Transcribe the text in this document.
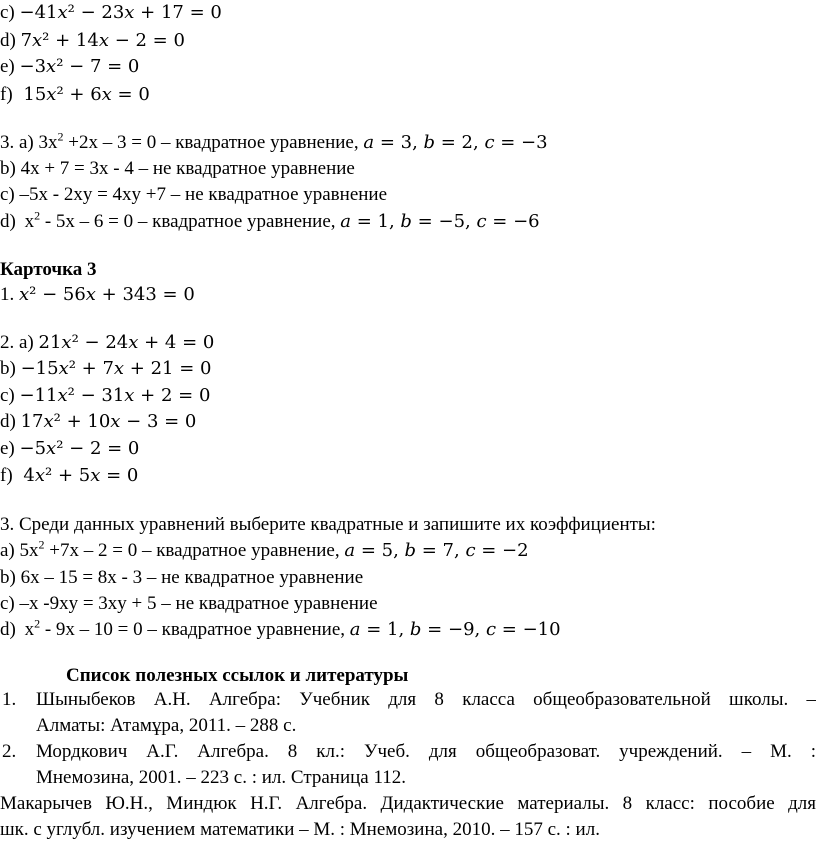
c) −41𝑥² − 23𝑥 + 17 = 0
d) 7𝑥² + 14𝑥 − 2 = 0
e) −3𝑥² − 7 = 0
f) 15𝑥² + 6𝑥 = 0
3. а) $3x^2 +2x - 3 = 0$ – квадратное уравнение, 𝑎 = 3, 𝑏 = 2, 𝑐 = −3
b) 4x + 7 = 3x - 4 – не квадратное уравнение
c) –5x - 2xy = 4xy +7 – не квадратное уравнение
d) $x^2 - 5x - 6 = 0$ – квадратное уравнение, 𝑎 = 1, 𝑏 = −5, 𝑐 = −6
Карточка 3
1. 𝑥² − 56𝑥 + 343 = 0
2. а) 21𝑥² − 24𝑥 + 4 = 0
b) −15𝑥² + 7𝑥 + 21 = 0
c) −11𝑥² − 31𝑥 + 2 = 0
d) 17𝑥² + 10𝑥 − 3 = 0
e) −5𝑥² − 2 = 0
f) 4𝑥² + 5𝑥 = 0
3. Среди данных уравнений выберите квадратные и запишите их коэффициенты:
а) $5x^2 +7x - 2 = 0$ – квадратное уравнение, 𝑎 = 5, 𝑏 = 7, 𝑐 = −2
b) 6x – 15 = 8x - 3 – не квадратное уравнение
c) –x -9xy = 3xy + 5 – не квадратное уравнение
d) $x^2 - 9x - 10 = 0$ – квадратное уравнение, 𝑎 = 1, 𝑏 = −9, 𝑐 = −10
Список полезных ссылок и литературы
1. Шыныбеков А.Н. Алгебра: Учебник для 8 класса общеобразовательной школы. –
Алматы: Атамұра, 2011. – 288 с.
2. Мордкович А.Г. Алгебра. 8 кл.: Учеб. для общеобразоват. учреждений. – М. :
Мнемозина, 2001. – 223 с. : ил. Страница 112.
Макарычев Ю.Н., Миндюк Н.Г. Алгебра. Дидактические материалы. 8 класс: пособие для
шк. с углубл. изучением математики – М. : Мнемозина, 2010. – 157 с. : ил.
